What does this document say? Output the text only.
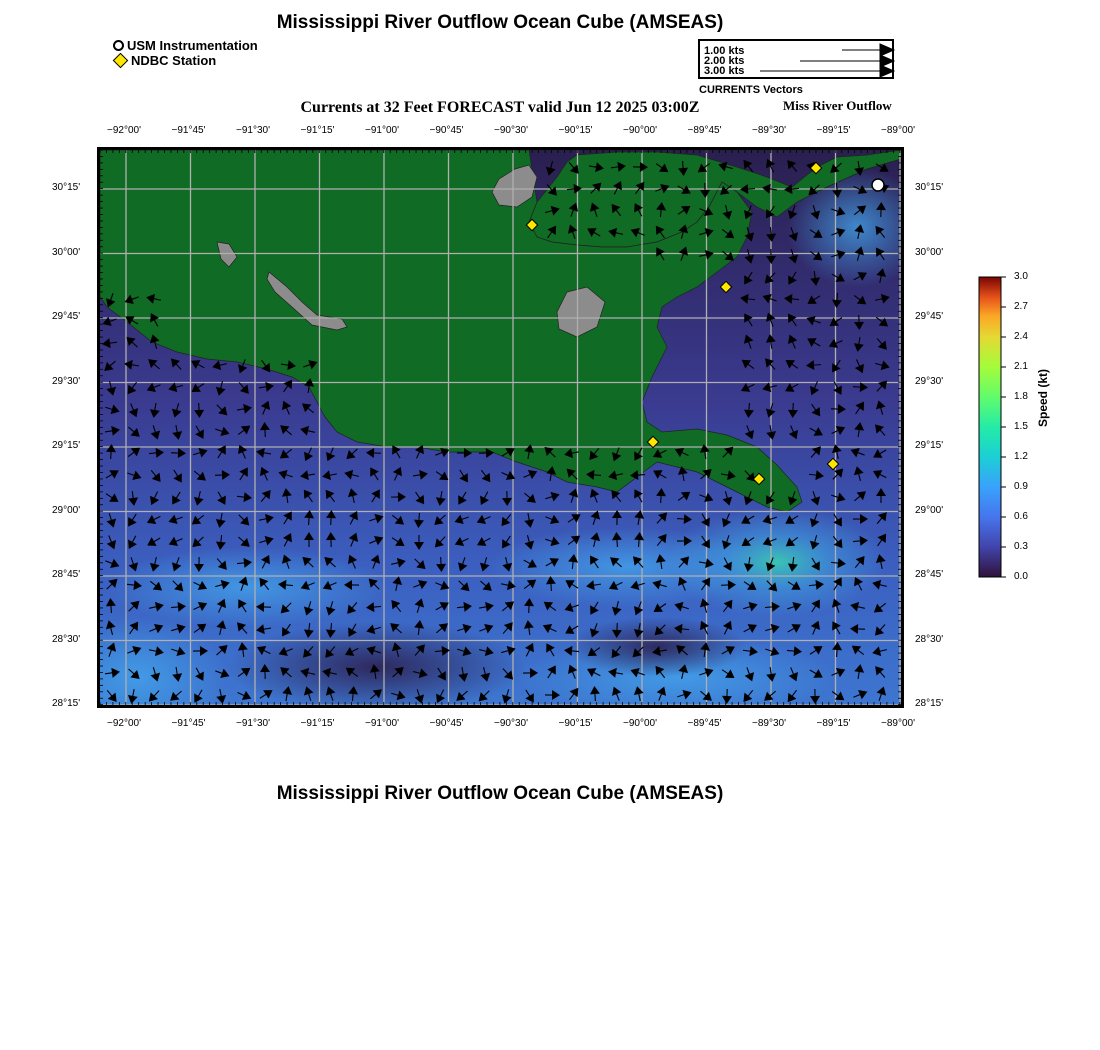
Mississippi River Outflow Ocean Cube (AMSEAS)
Mississippi River Outflow Ocean Cube (AMSEAS)
USM Instrumentation
NDBC Station
1.00 kts
2.00 kts
3.00 kts
CURRENTS Vectors
Currents at 32 Feet FORECAST valid Jun 12 2025 03:00Z	Miss River Outflow
−92°00'	−91°45'	−91°30'	−91°15'	−91°00'	−90°45'	−90°30'	−90°15'	−90°00'	−89°45'	−89°30'	−89°15'	−89°00'
−92°00'	−91°45'	−91°30'	−91°15'	−91°00'	−90°45'	−90°30'	−90°15'	−90°00'	−89°45'	−89°30'	−89°15'	−89°00'
30°15'
30°00'
29°45'
29°30'
29°15'
29°00'
28°45'
28°30'
28°15'
30°15'
30°00'
29°45'
29°30'
29°15'
29°00'
28°45'
28°30'
28°15'
3.0
2.7
2.4
2.1
1.8
1.5
1.2
0.9
0.6
0.3
0.0
Speed (kt)
